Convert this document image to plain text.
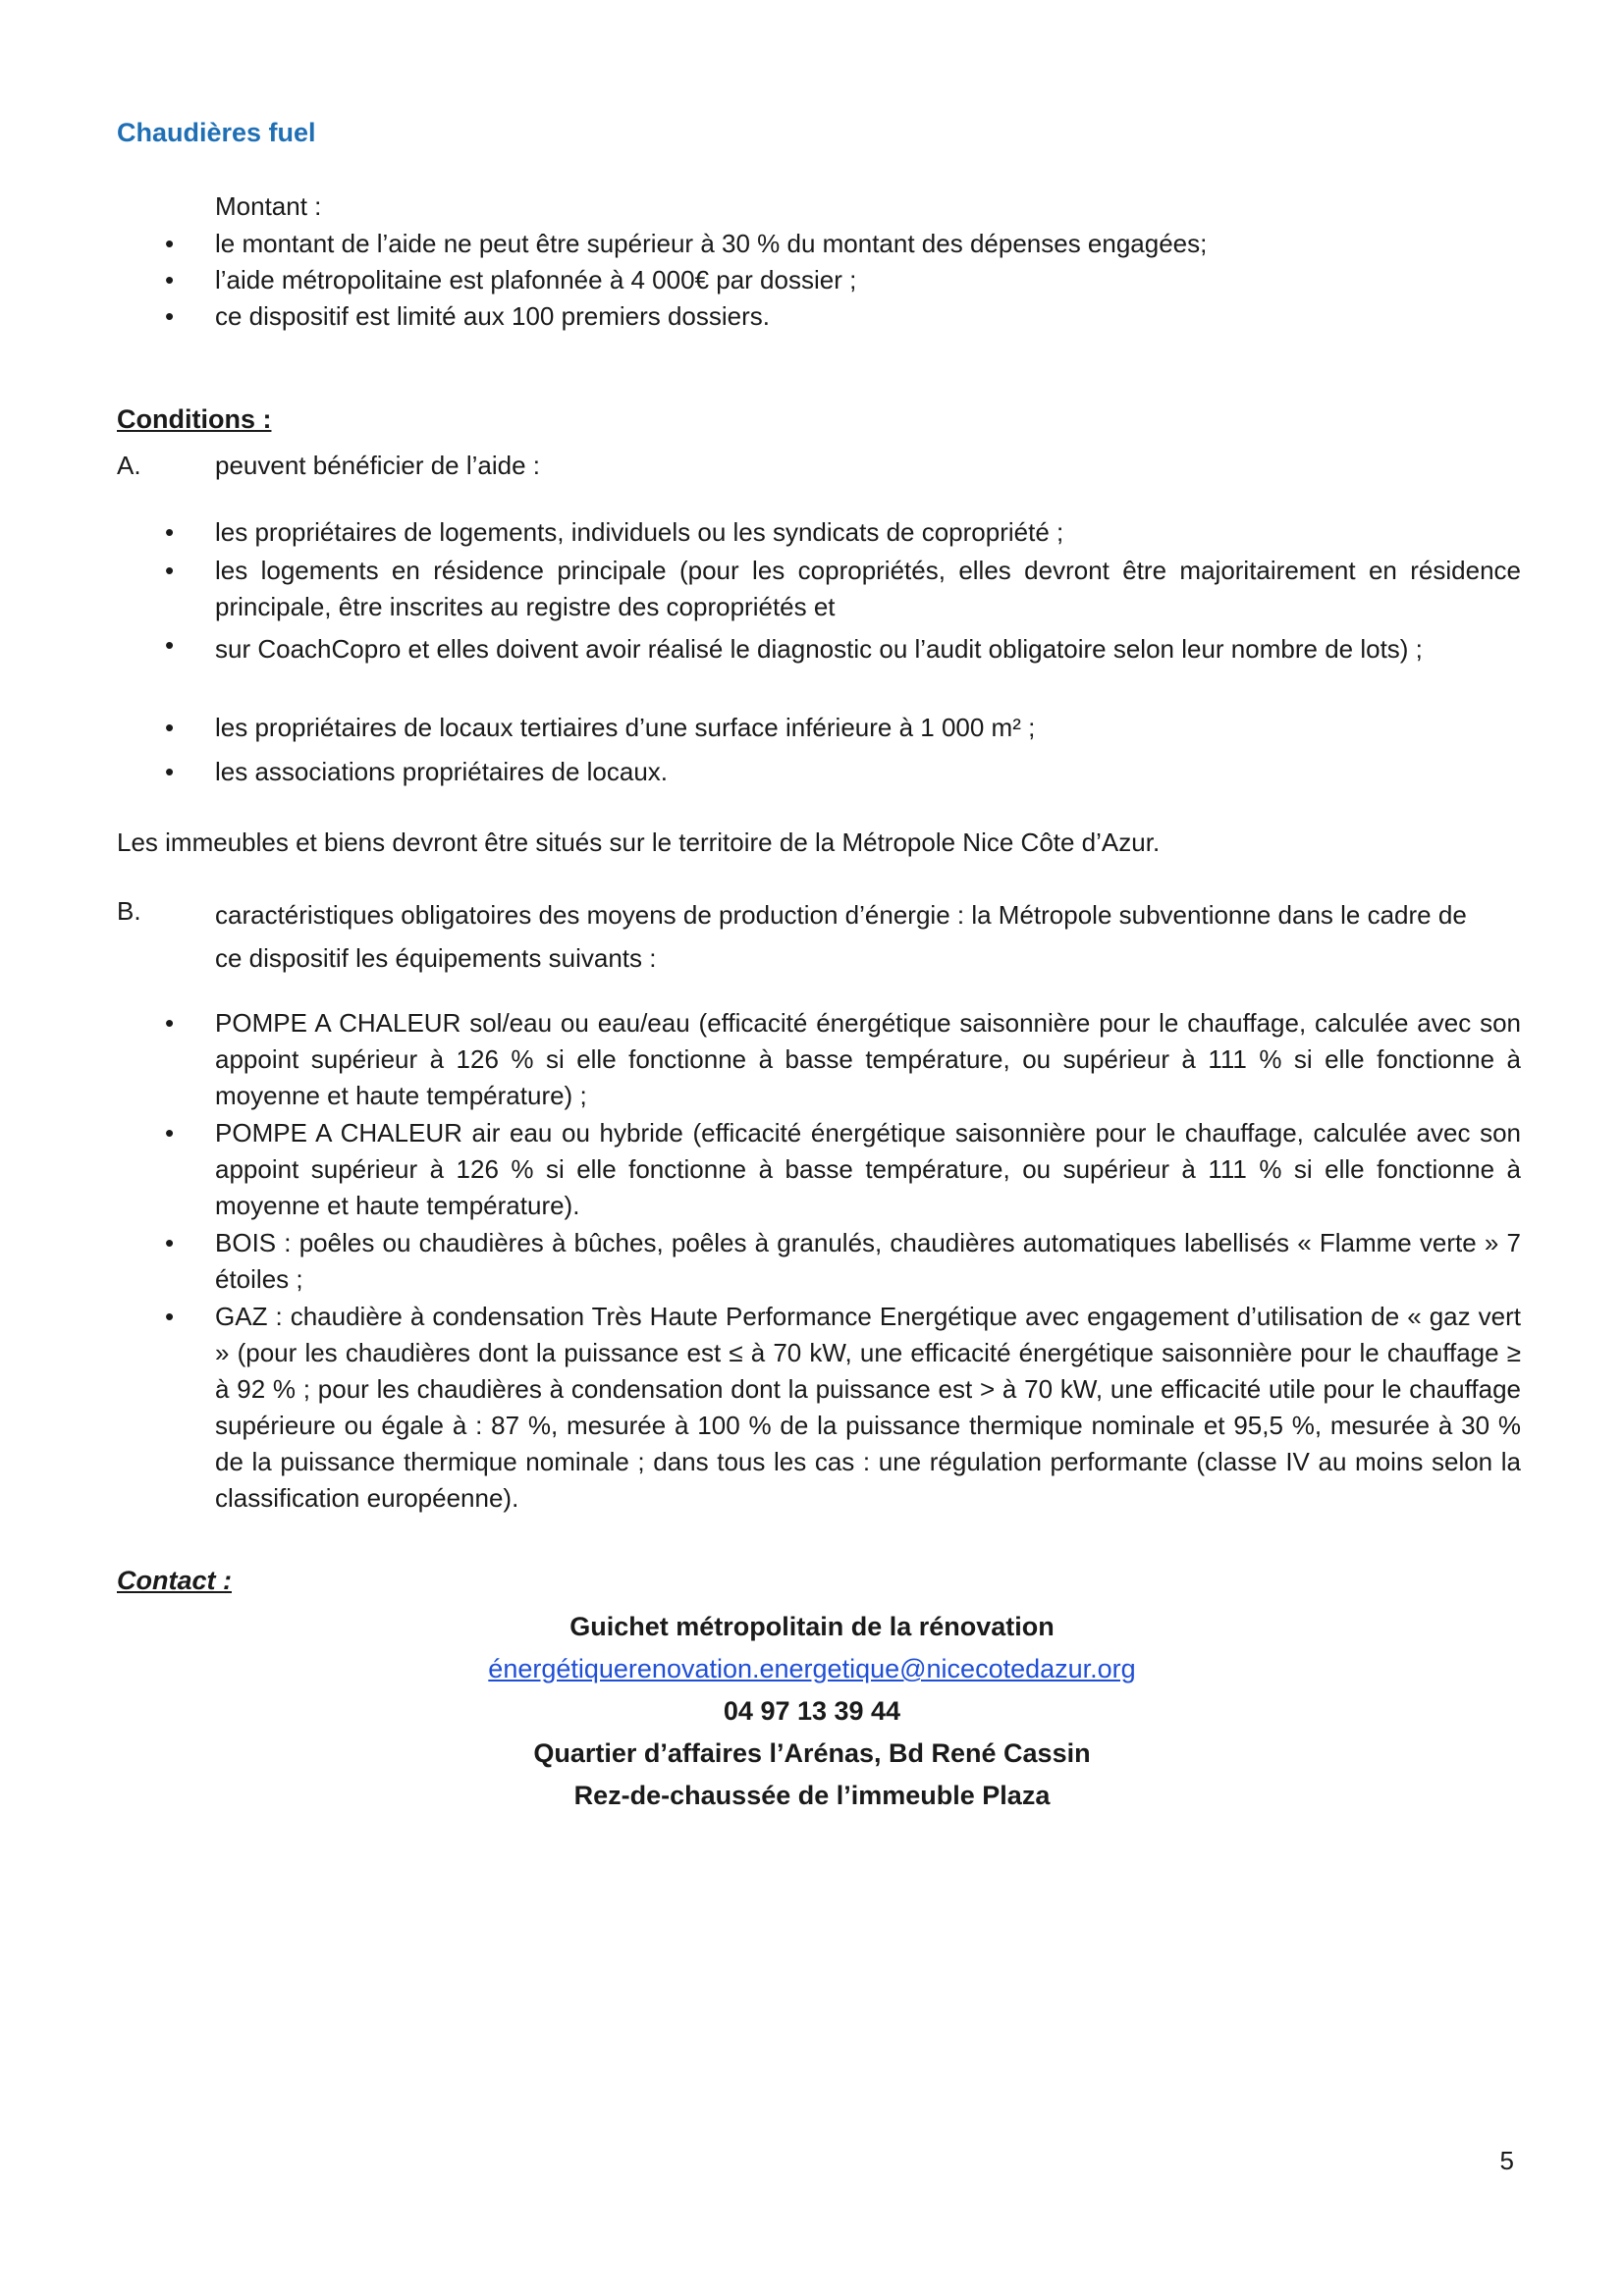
Chaudières fuel
Montant :
•	le montant de l’aide ne peut être supérieur à 30 % du montant des dépenses engagées;
•	l’aide métropolitaine est plafonnée à 4 000€ par dossier ;
•	ce dispositif est limité aux 100 premiers dossiers.
Conditions :
A.	peuvent bénéficier de l’aide :
•	les propriétaires de logements, individuels ou les syndicats de copropriété ;
•	les logements en résidence principale (pour les copropriétés, elles devront être majoritairement en résidence principale, être inscrites au registre des copropriétés et
•	sur CoachCopro et elles doivent avoir réalisé le diagnostic ou l’audit obligatoire selon leur nombre de lots) ;
•	les propriétaires de locaux tertiaires d’une surface inférieure à 1 000 m² ;
•	les associations propriétaires de locaux.
Les immeubles et biens devront être situés sur le territoire de la Métropole Nice Côte d’Azur.
B.	caractéristiques obligatoires des moyens de production d’énergie : la Métropole subventionne dans le cadre de ce dispositif les équipements suivants :
•	POMPE A CHALEUR sol/eau ou eau/eau (efficacité énergétique saisonnière pour le chauffage, calculée avec son appoint supérieur à 126 % si elle fonctionne à basse température, ou supérieur à 111 % si elle fonctionne à moyenne et haute température) ;
•	POMPE A CHALEUR air eau ou hybride (efficacité énergétique saisonnière pour le chauffage, calculée avec son appoint supérieur à 126 % si elle fonctionne à basse température, ou supérieur à 111 % si elle fonctionne à moyenne et haute température).
•	BOIS : poêles ou chaudières à bûches, poêles à granulés, chaudières automatiques labellisés « Flamme verte » 7 étoiles ;
•	GAZ : chaudière à condensation Très Haute Performance Energétique avec engagement d’utilisation de « gaz vert » (pour les chaudières dont la puissance est ≤ à 70 kW, une efficacité énergétique saisonnière pour le chauffage ≥ à 92 % ; pour les chaudières à condensation dont la puissance est > à 70 kW, une efficacité utile pour le chauffage supérieure ou égale à : 87 %, mesurée à 100 % de la puissance thermique nominale et 95,5 %, mesurée à 30 % de la puissance thermique nominale ; dans tous les cas : une régulation performante (classe IV au moins selon la classification européenne).
Contact :
Guichet métropolitain de la rénovation
énergétiquerenovation.energetique@nicecotedazur.org
04 97 13 39 44
Quartier d’affaires l’Arénas, Bd René Cassin
Rez-de-chaussée de l’immeuble Plaza
5
